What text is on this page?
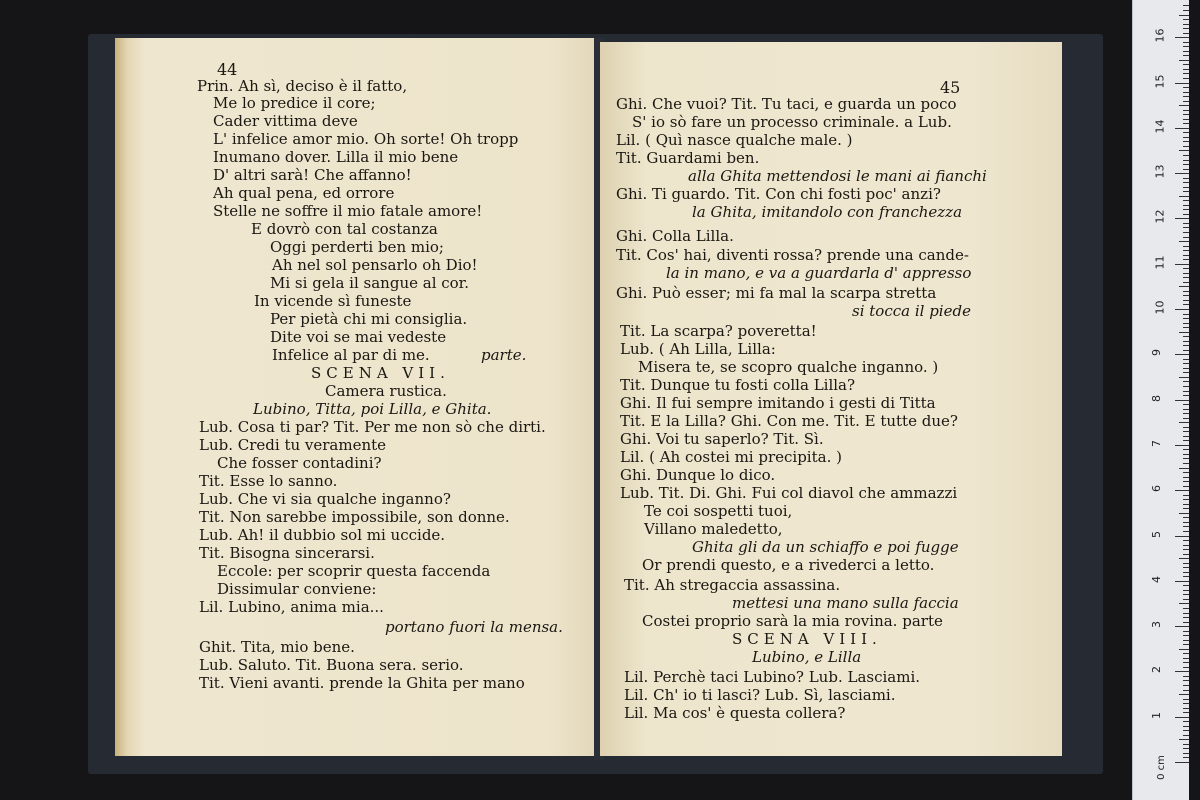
44
Prin. Ah sì, deciso è il fatto,
Me lo predice il core;
Cader vittima deve
L' infelice amor mio. Oh sorte! Oh tropp
Inumano dover. Lilla il mio bene
D' altri sarà! Che affanno!
Ah qual pena, ed orrore
Stelle ne soffre il mio fatale amore!
E dovrò con tal costanza
Oggi perderti ben mio;
Ah nel sol pensarlo oh Dio!
Mi si gela il sangue al cor.
In vicende sì funeste
Per pietà chi mi consiglia.
Dite voi se mai vedeste
Infelice al par di me.	parte.
SCENA VII.
Camera rustica.
Lubino, Titta, poi Lilla, e Ghita.
Lub. Cosa ti par? Tit. Per me non sò che dirti.
Lub. Credi tu veramente
Che fosser contadini?
Tit. Esse lo sanno.
Lub. Che vi sia qualche inganno?
Tit. Non sarebbe impossibile, son donne.
Lub. Ah! il dubbio sol mi uccide.
Tit. Bisogna sincerarsi.
Eccole: per scoprir questa faccenda
Dissimular conviene:
Lil. Lubino, anima mia...
portano fuori la mensa.
Ghit. Tita, mio bene.
Lub. Saluto. Tit. Buona sera. serio.
Tit. Vieni avanti. prende la Ghita per mano
45
Ghi. Che vuoi? Tit. Tu taci, e guarda un poco
S' io sò fare un processo criminale. a Lub.
Lil. ( Quì nasce qualche male. )
Tit. Guardami ben.
alla Ghita mettendosi le mani ai fianchi
Ghi. Ti guardo. Tit. Con chi fosti poc' anzi?
la Ghita, imitandolo con franchezza
Ghi. Colla Lilla.
Tit. Cos' hai, diventi rossa? prende una cande-
la in mano, e va a guardarla d' appresso
Ghi. Può esser; mi fa mal la scarpa stretta
si tocca il piede
Tit. La scarpa? poveretta!
Lub. ( Ah Lilla, Lilla:
Misera te, se scopro qualche inganno. )
Tit. Dunque tu fosti colla Lilla?
Ghi. Il fui sempre imitando i gesti di Titta
Tit. E la Lilla? Ghi. Con me. Tit. E tutte due?
Ghi. Voi tu saperlo? Tit. Sì.
Lil. ( Ah costei mi precipita. )
Ghi. Dunque lo dico.
Lub. Tit. Di. Ghi. Fui col diavol che ammazzi
Te coi sospetti tuoi,
Villano maledetto,
Ghita gli da un schiaffo e poi fugge
Or prendi questo, e a rivederci a letto.
Tit. Ah stregaccia assassina.
mettesi una mano sulla faccia
Costei proprio sarà la mia rovina. parte
SCENA VIII.
Lubino, e Lilla
Lil. Perchè taci Lubino? Lub. Lasciami.
Lil. Ch' io ti lasci? Lub. Sì, lasciami.
Lil. Ma cos' è questa collera?
0 cm
1
2
3
4
5
6
7
8
9
10
11
12
13
14
15
16
